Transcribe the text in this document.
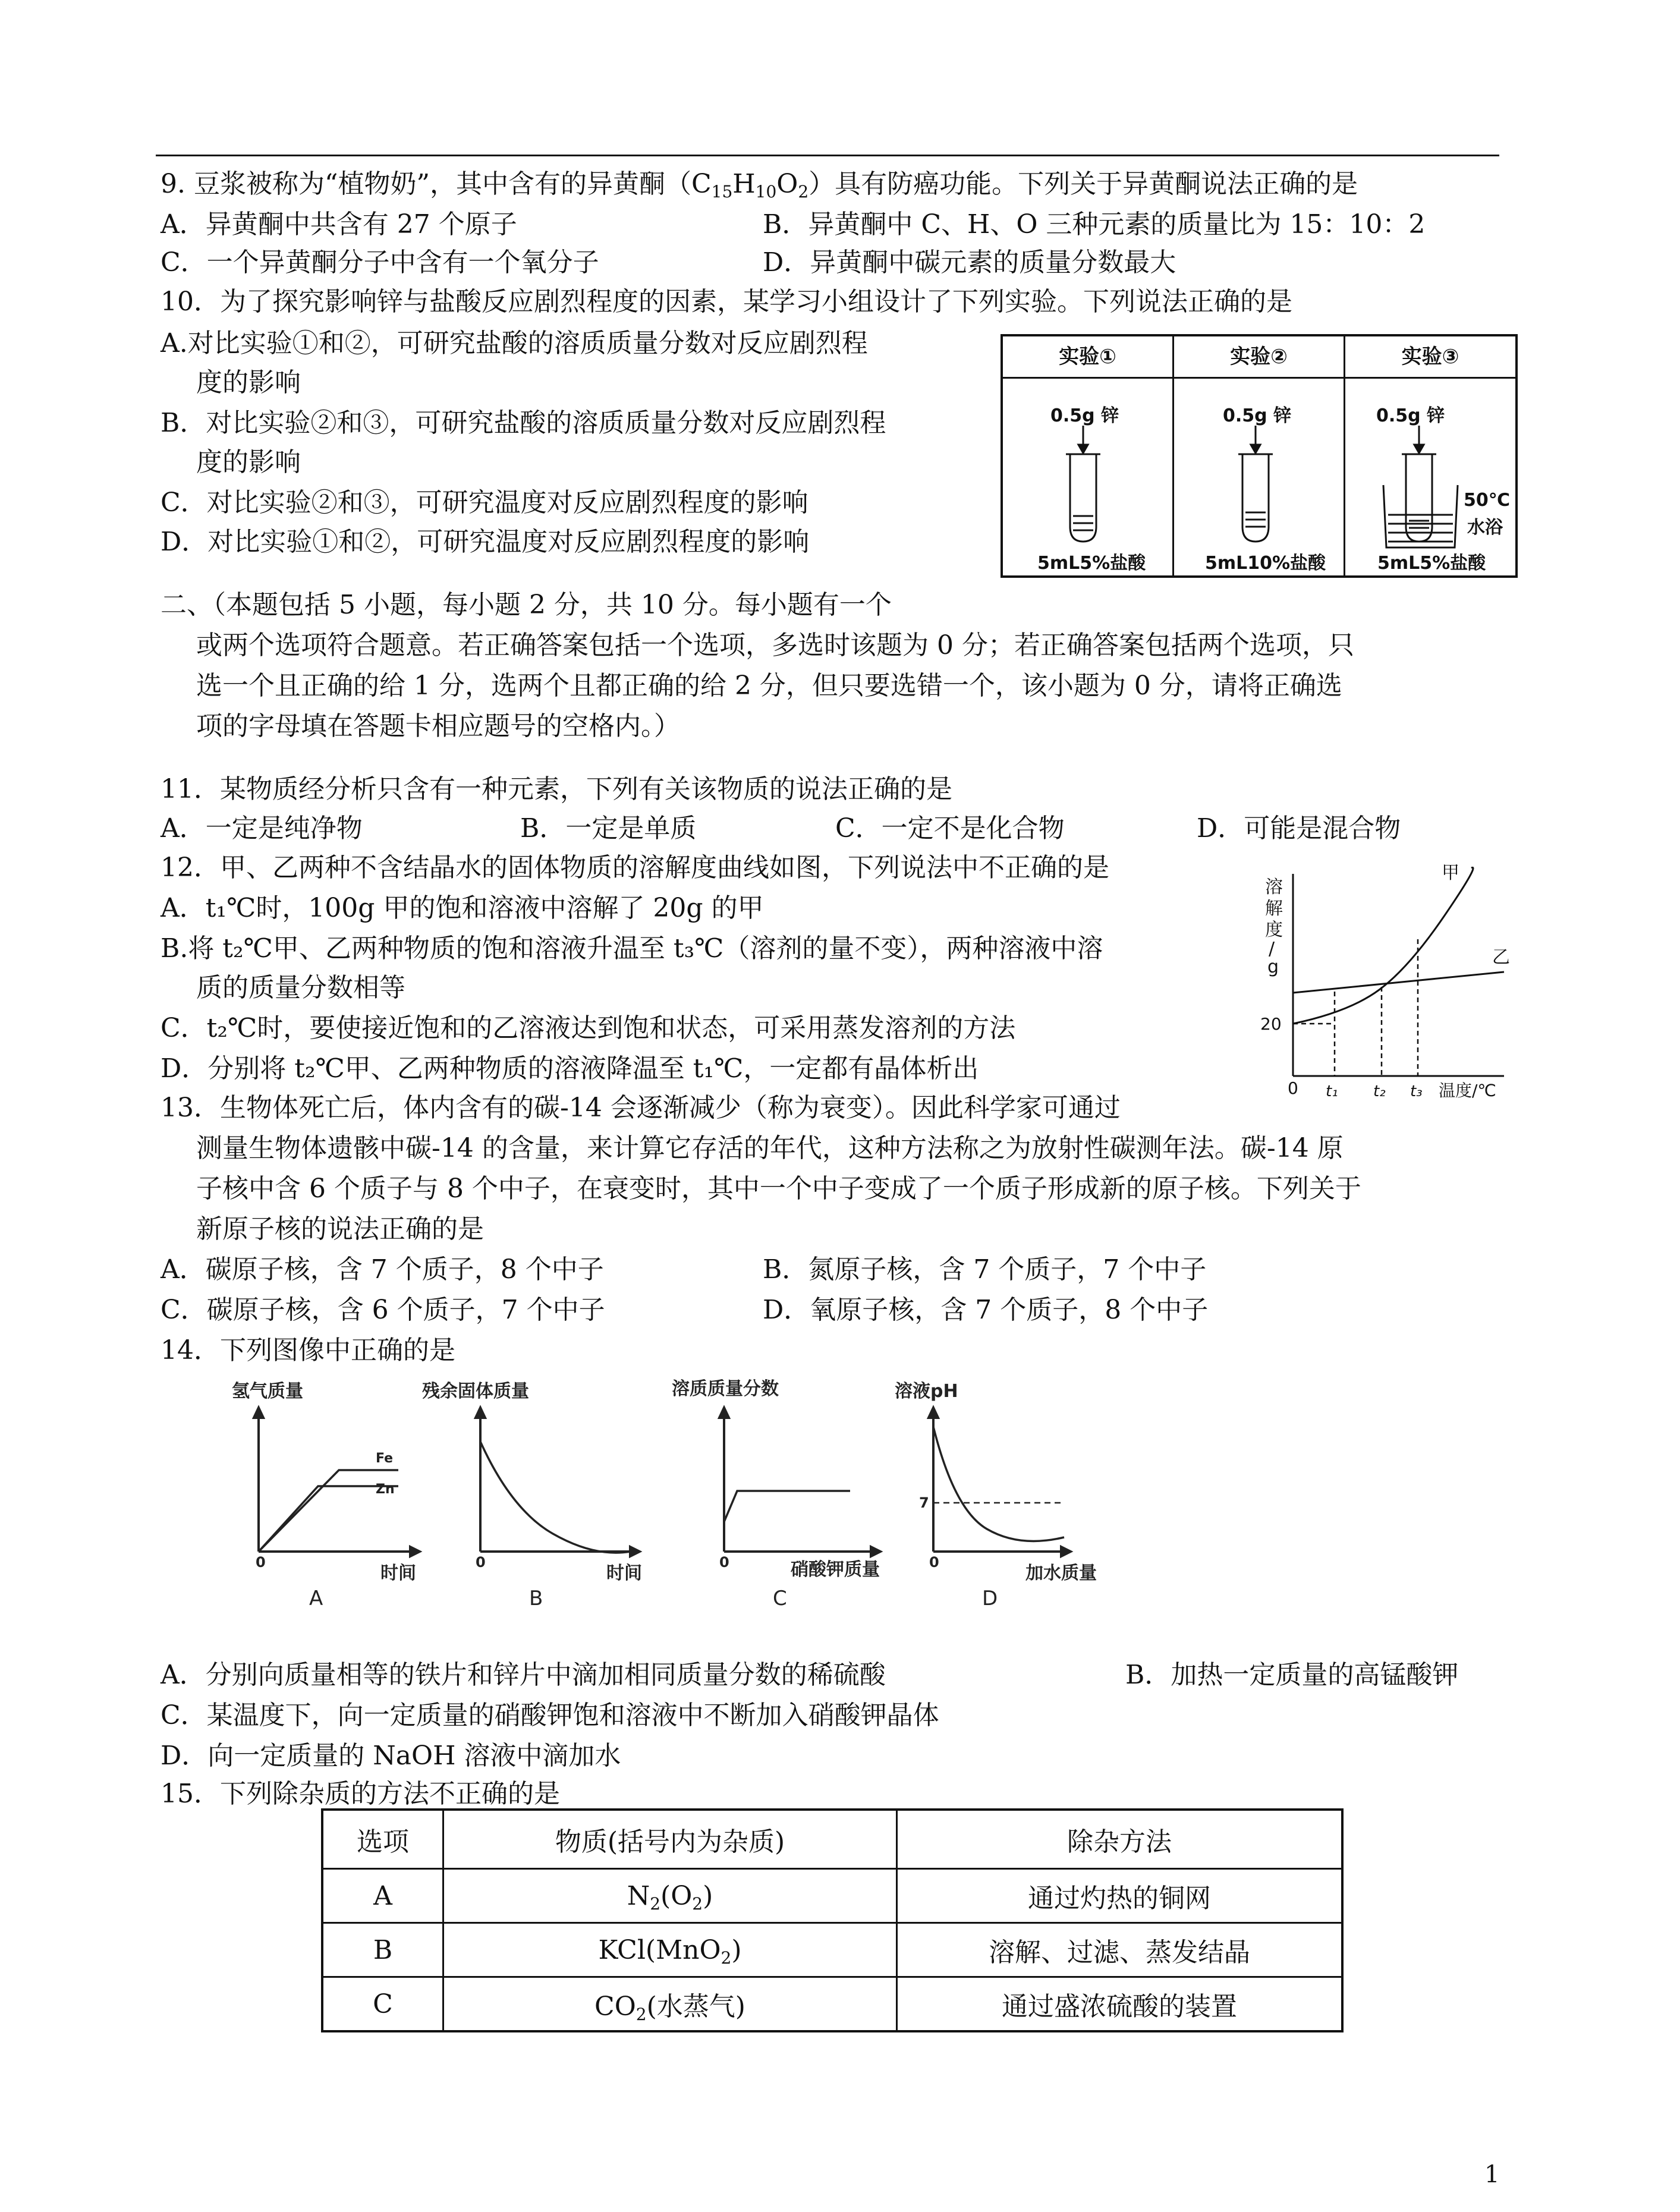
9. 豆浆被称为“植物奶”，其中含有的异黄酮$(C_{15}H_{10}O_2)$具有防癌功能。下列关于异黄酮说法正确的是
A．异黄酮中共含有 27 个原子	B．异黄酮中 C、H、O 三种元素的质量比为 15：10：2
C．一个异黄酮分子中含有一个氧分子	D．异黄酮中碳元素的质量分数最大
10．为了探究影响锌与盐酸反应剧烈程度的因素，某学习小组设计了下列实验。下列说法正确的是
A.对比实验①和②，可研究盐酸的溶质质量分数对反应剧烈程
度的影响
B．对比实验②和③，可研究盐酸的溶质质量分数对反应剧烈程
度的影响
C．对比实验②和③，可研究温度对反应剧烈程度的影响
D．对比实验①和②，可研究温度对反应剧烈程度的影响
实验①	实验②	实验③
0.5g 锌	0.5g 锌	0.5g 锌
50℃
水浴
5mL5%盐酸	5mL10%盐酸	5mL5%盐酸
二、（本题包括 5 小题，每小题 2 分，共 10 分。每小题有一个
或两个选项符合题意。若正确答案包括一个选项，多选时该题为 0 分；若正确答案包括两个选项，只
选一个且正确的给 1 分，选两个且都正确的给 2 分，但只要选错一个，该小题为 0 分，请将正确选
项的字母填在答题卡相应题号的空格内。）
11．某物质经分析只含有一种元素，下列有关该物质的说法正确的是
A．一定是纯净物	B．一定是单质	C．一定不是化合物	D．可能是混合物
12．甲、乙两种不含结晶水的固体物质的溶解度曲线如图，下列说法中不正确的是
A．t₁℃时，100g 甲的饱和溶液中溶解了 20g 的甲
B.将 t₂℃甲、乙两种物质的饱和溶液升温至 t₃℃（溶剂的量不变），两种溶液中溶
质的质量分数相等
C．t₂℃时，要使接近饱和的乙溶液达到饱和状态，可采用蒸发溶剂的方法
D．分别将 t₂℃甲、乙两种物质的溶液降温至 t₁℃，一定都有晶体析出
溶
解
度
/
g
甲
乙
20
0 t₁ t₂ t₃ 温度/℃
13．生物体死亡后，体内含有的碳-14 会逐渐减少（称为衰变）。因此科学家可通过
测量生物体遗骸中碳-14 的含量，来计算它存活的年代，这种方法称之为放射性碳测年法。碳-14 原
子核中含 6 个质子与 8 个中子，在衰变时，其中一个中子变成了一个质子形成新的原子核。下列关于
新原子核的说法正确的是
A．碳原子核，含 7 个质子，8 个中子	B．氮原子核，含 7 个质子，7 个中子
C．碳原子核，含 6 个质子，7 个中子	D．氧原子核，含 7 个质子，8 个中子
14．下列图像中正确的是
氢气质量
Fe
Zn
0
时间
A
残余固体质量
0
时间
B
溶质质量分数
0	硝酸钾质量
C
溶液pH
7
0
加水质量
D
A．分别向质量相等的铁片和锌片中滴加相同质量分数的稀硫酸	B．加热一定质量的高锰酸钾
C．某温度下，向一定质量的硝酸钾饱和溶液中不断加入硝酸钾晶体
D．向一定质量的 NaOH 溶液中滴加水
15．下列除杂质的方法不正确的是
选项	物质(括号内为杂质)	除杂方法
A	$N_2(O_2)$	通过灼热的铜网
B	KCl(MnO$_2$)	溶解、过滤、蒸发结晶
C	$CO_2$(水蒸气)	通过盛浓硫酸的装置
1
